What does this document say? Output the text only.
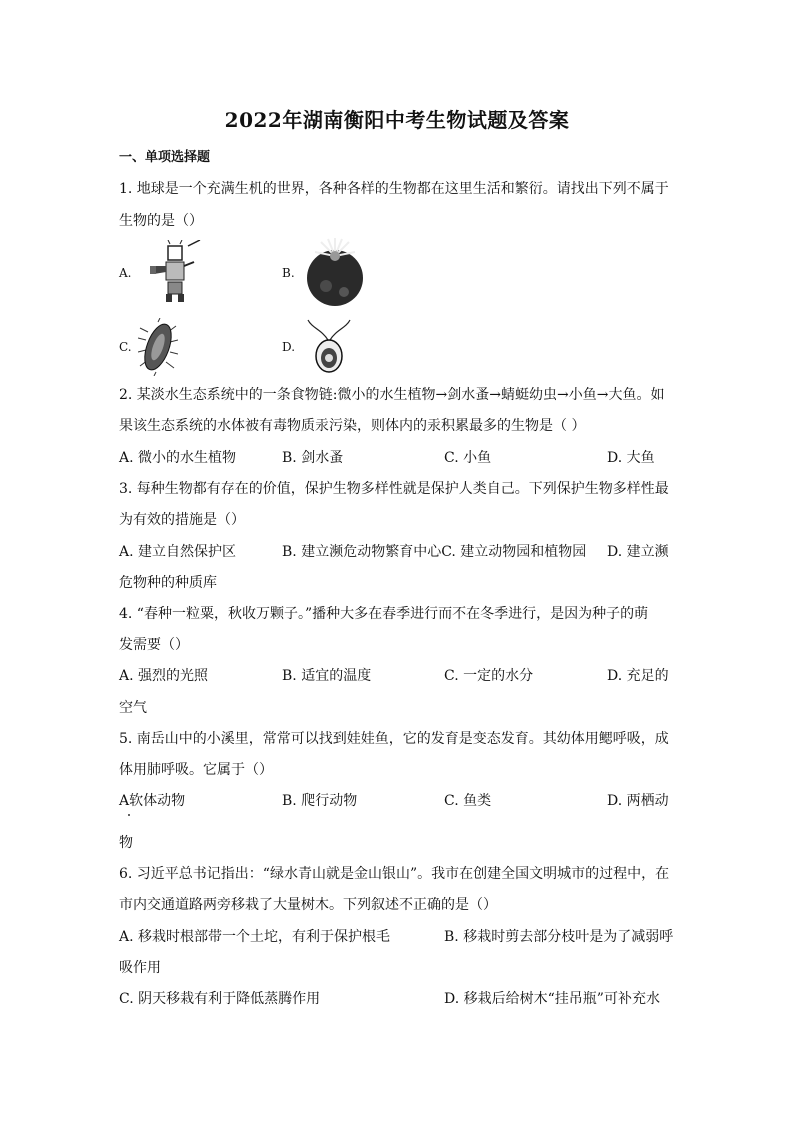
2022年湖南衡阳中考生物试题及答案
一、单项选择题
1. 地球是一个充满生机的世界，各种各样的生物都在这里生活和繁衍。请找出下列不属于
生物的是（）
A.	B.
C.	D.
2. 某淡水生态系统中的一条食物链:微小的水生植物→剑水蚤→蜻蜓幼虫→小鱼→大鱼。如
果该生态系统的水体被有毒物质汞污染，则体内的汞积累最多的生物是（ ）
A. 微小的水生植物	B. 剑水蚤	C. 小鱼	D. 大鱼
3. 每种生物都有存在的价值，保护生物多样性就是保护人类自己。下列保护生物多样性最
为有效的措施是（）
A. 建立自然保护区	B. 建立濒危动物繁育中心C. 建立动物园和植物园 D. 建立濒
危物种的种质库
4. “春种一粒粟，秋收万颗子。”播种大多在春季进行而不在冬季进行，是因为种子的萌
发需要（）
A. 强烈的光照	B. 适宜的温度	C. 一定的水分	D. 充足的
空气
5. 南岳山中的小溪里，常常可以找到娃娃鱼，它的发育是变态发育。其幼体用鳃呼吸，成
体用肺呼吸。它属于（）
A软体动物	B. 爬行动物	C. 鱼类	D. 两栖动
物
6. 习近平总书记指出：“绿水青山就是金山银山”。我市在创建全国文明城市的过程中，在
市内交通道路两旁移栽了大量树木。下列叙述不正确的是（）
A. 移栽时根部带一个土坨，有利于保护根毛	B. 移栽时剪去部分枝叶是为了减弱呼
吸作用
C. 阴天移栽有利于降低蒸腾作用	D. 移栽后给树木“挂吊瓶”可补充水
